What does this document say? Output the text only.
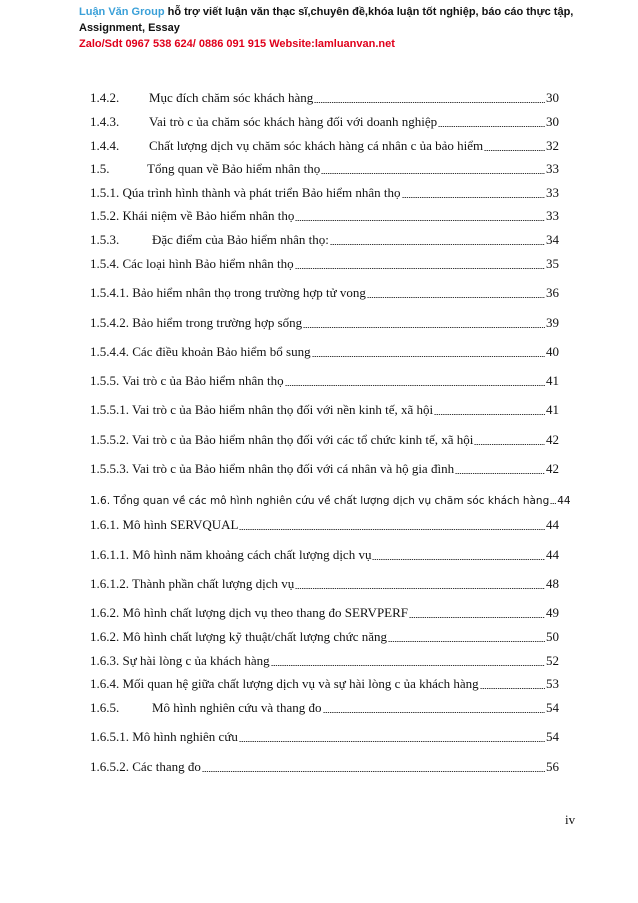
Luận Văn Group hỗ trợ viết luận văn thạc sĩ,chuyên đề,khóa luận tốt nghiệp, báo cáo thực tập, Assignment, Essay
Zalo/Sdt 0967 538 624/ 0886 091 915 Website:lamluanvan.net
1.4.2.	Mục đích chăm sóc khách hàng	30
1.4.3.	Vai trò c ủa chăm sóc khách hàng đối với doanh nghiệp	30
1.4.4.	Chất lượng dịch vụ chăm sóc khách hàng cá nhân c ủa bảo hiểm	32
1.5.	Tổng quan về Bảo hiểm nhân thọ	33
1.5.1. Qúa trình hình thành và phát triển Bảo hiểm nhân thọ	33
1.5.2. Khái niệm về Bảo hiểm nhân thọ	33
1.5.3.	Đặc điểm của Bảo hiểm nhân thọ:	34
1.5.4. Các loại hình Bảo hiểm nhân thọ	35
1.5.4.1. Bảo hiểm nhân thọ trong trường hợp tử vong	36
1.5.4.2. Bảo hiểm trong trường hợp sống	39
1.5.4.4. Các điều khoản Bảo hiểm bổ sung	40
1.5.5. Vai trò c ủa Bảo hiểm nhân thọ	41
1.5.5.1. Vai trò c ủa Bảo hiểm nhân thọ đối với nền kinh tế, xã hội	41
1.5.5.2. Vai trò c ủa Bảo hiểm nhân thọ đối với các tổ chức kinh tế, xã hội	42
1.5.5.3. Vai trò c ủa Bảo hiểm nhân thọ đối với cá nhân và hộ gia đình	42
1.6. Tổng quan về các mô hình nghiên cứu về chất lượng dịch vụ chăm sóc khách hàng 44
1.6.1. Mô hình SERVQUAL	44
1.6.1.1. Mô hình năm khoảng cách chất lượng dịch vụ	44
1.6.1.2. Thành phần chất lượng dịch vụ	48
1.6.2. Mô hình chất lượng dịch vụ theo thang đo SERVPERF	49
1.6.2. Mô hình chất lượng kỹ thuật/chất lượng chức năng	50
1.6.3. Sự hài lòng c ủa khách hàng	52
1.6.4. Mối quan hệ giữa chất lượng dịch vụ và sự hài lòng c ủa khách hàng	53
1.6.5.	Mô hình nghiên cứu và thang đo	54
1.6.5.1. Mô hình nghiên cứu	54
1.6.5.2. Các thang đo	56
iv
